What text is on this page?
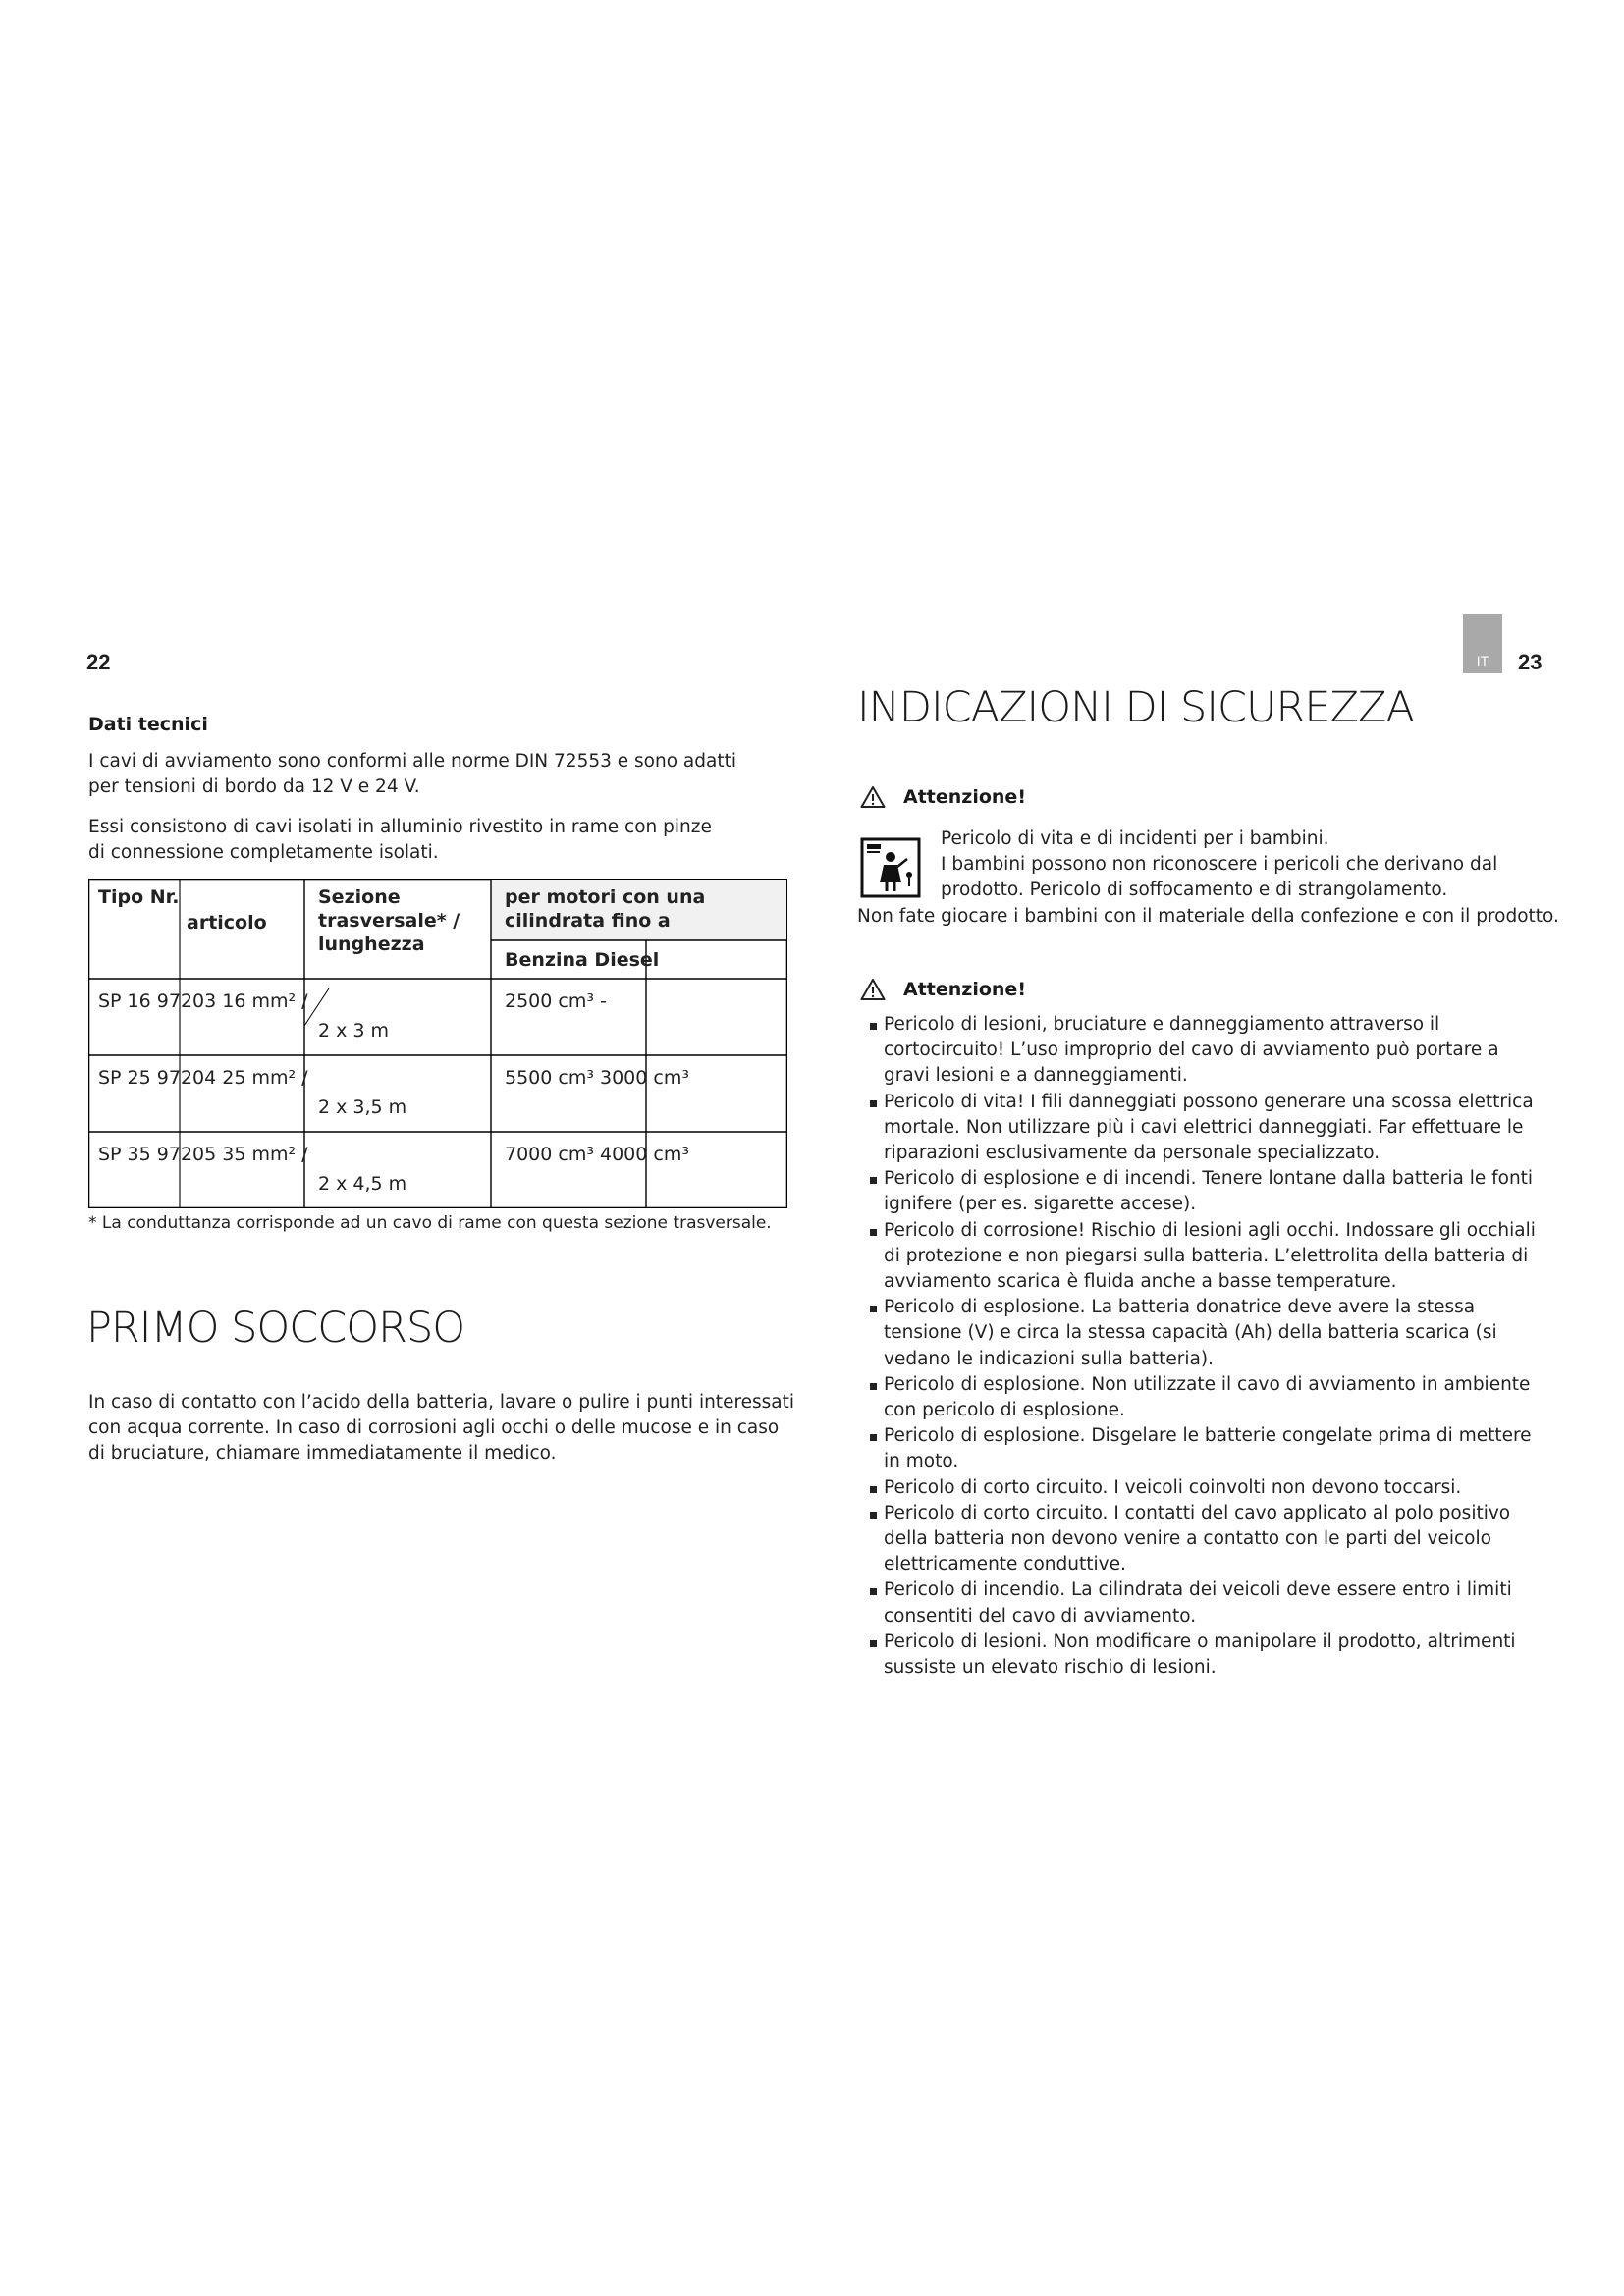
22
Dati tecnici

I cavi di avviamento sono conformi alle norme DIN 72553 e sono adatti

per tensioni di bordo da 12 V e 24 V.

Essi consistono di cavi isolati in alluminio rivestito in rame con pinze

di connessione completamente isolati.

Tipo Nr.
articolo
Sezione
trasversale* /
lunghezza
per motori con una
cilindrata fino a
Benzina Diesel
SP 16 97203 16 mm² /
2 x 3 m
2500 cm³ -
SP 25 97204 25 mm² /
2 x 3,5 m
5500 cm³ 3000 cm³
SP 35 97205 35 mm² /
2 x 4,5 m
7000 cm³ 4000 cm³
* La conduttanza corrisponde ad un cavo di rame con questa sezione trasversale.
PRIMO SOCCORSO

In caso di contatto con l’acido della batteria, lavare o pulire i punti interessati

con acqua corrente. In caso di corrosioni agli occhi o delle mucose e in caso

di bruciature, chiamare immediatamente il medico.

IT	23
INDICAZIONI DI SICUREZZA
Attenzione!

Pericolo di vita e di incidenti per i bambini.

I bambini possono non riconoscere i pericoli che derivano dal

prodotto. Pericolo di soffocamento e di strangolamento.

Non fate giocare i bambini con il materiale della confezione e con il prodotto.
Attenzione!
Pericolo di lesioni, bruciature e danneggiamento attraverso il cortocircuito! L’uso improprio del cavo di avviamento può portare a gravi lesioni e a danneggiamenti.
Pericolo di vita! I fili danneggiati possono generare una scossa elettrica mortale. Non utilizzare più i cavi elettrici danneggiati. Far effettuare le riparazioni esclusivamente da personale specializzato.
Pericolo di esplosione e di incendi. Tenere lontane dalla batteria le fonti ignifere (per es. sigarette accese).
Pericolo di corrosione! Rischio di lesioni agli occhi. Indossare gli occhiali di protezione e non piegarsi sulla batteria. L’elettrolita della batteria di avviamento scarica è fluida anche a basse temperature.
Pericolo di esplosione. La batteria donatrice deve avere la stessa tensione (V) e circa la stessa capacità (Ah) della batteria scarica (si vedano le indicazioni sulla batteria).
Pericolo di esplosione. Non utilizzate il cavo di avviamento in ambiente con pericolo di esplosione.
Pericolo di esplosione. Disgelare le batterie congelate prima di mettere in moto.
Pericolo di corto circuito. I veicoli coinvolti non devono toccarsi.
Pericolo di corto circuito. I contatti del cavo applicato al polo positivo della batteria non devono venire a contatto con le parti del veicolo elettricamente conduttive.
Pericolo di incendio. La cilindrata dei veicoli deve essere entro i limiti consentiti del cavo di avviamento.
Pericolo di lesioni. Non modificare o manipolare il prodotto, altrimenti sussiste un elevato rischio di lesioni.
